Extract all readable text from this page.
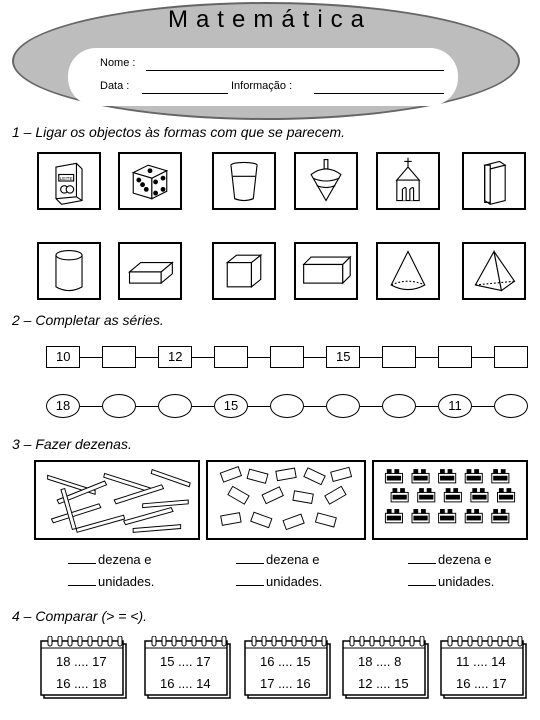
Matemática
Nome :
Data :	Informação :
1 – Ligar os objectos às formas com que se parecem.
2 – Completar as séries.
3 – Fazer dezenas.
4 – Comparar (> = <).
LEITE
10	12	15
18	15	11
dezena e
unidades.
dezena e
unidades.
dezena e
unidades.
18 .... 17
16 .... 18
15 .... 17
16 .... 14
16 .... 15
17 .... 16
18 .... 8
12 .... 15
11 .... 14
16 .... 17
